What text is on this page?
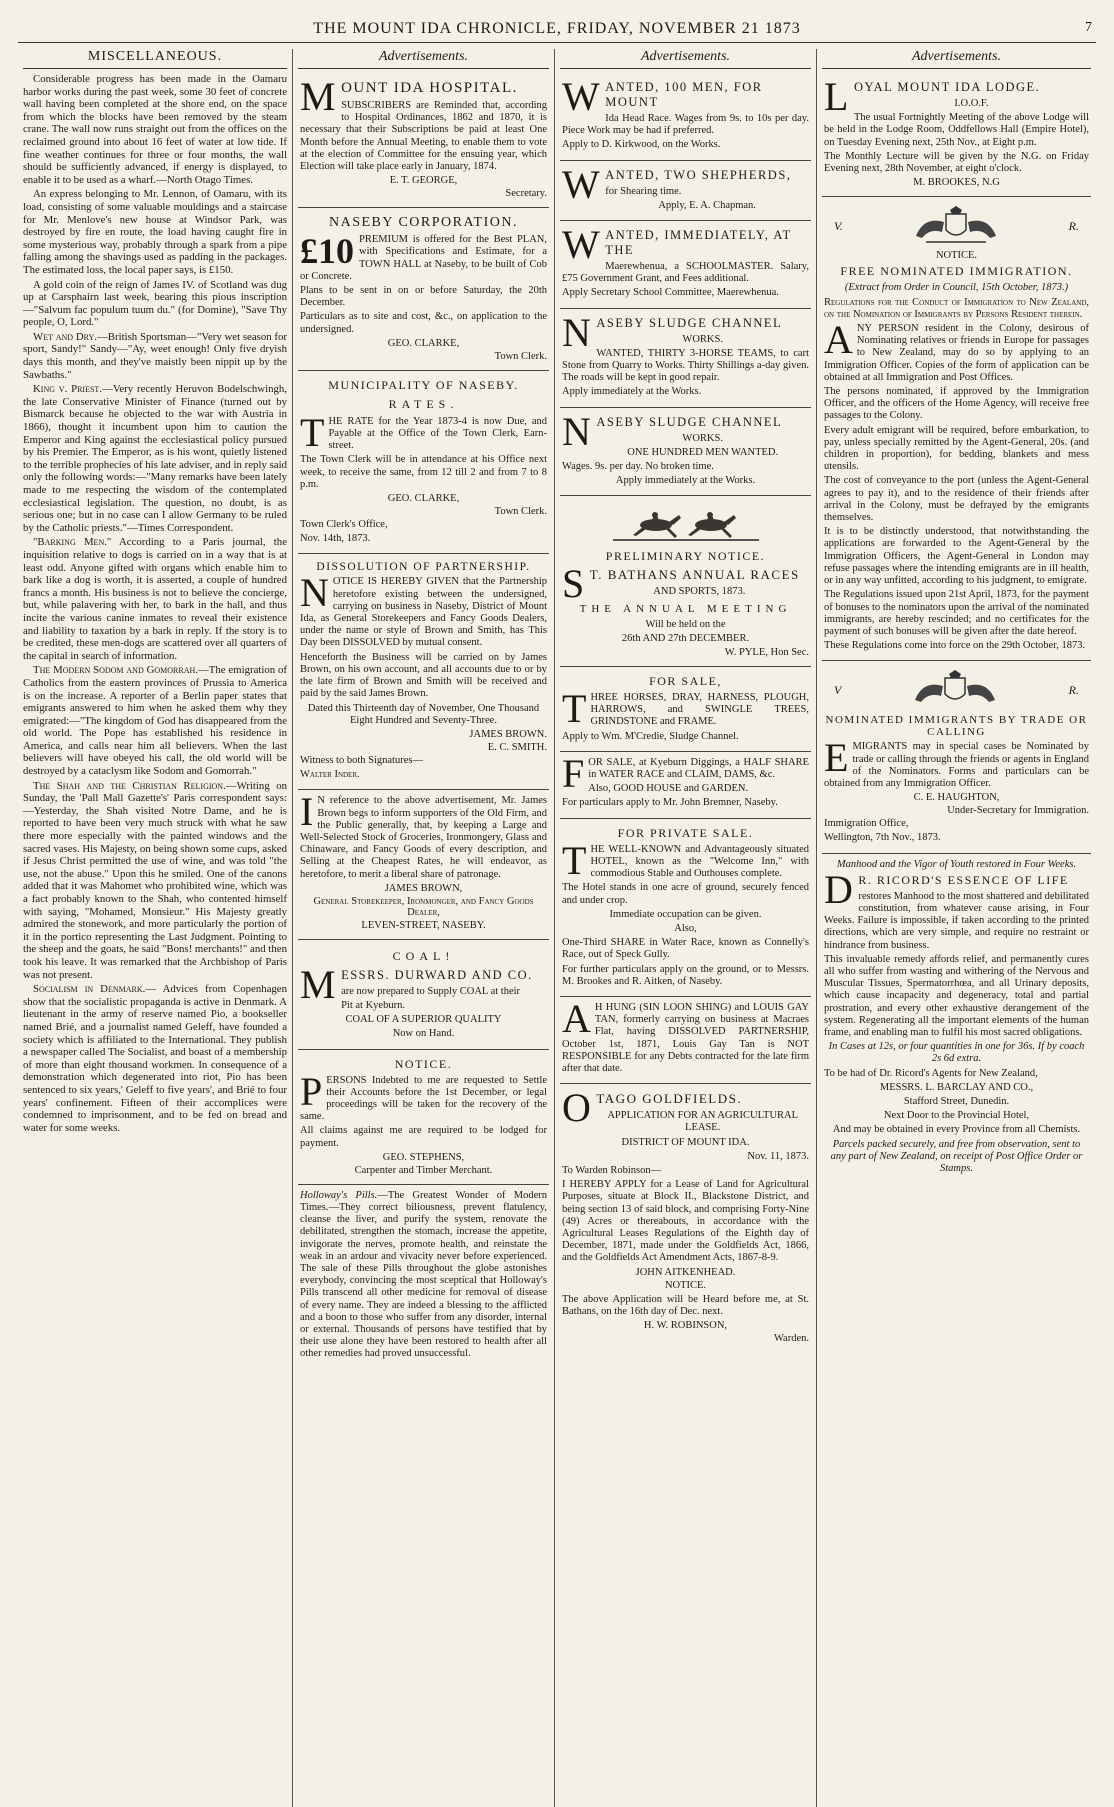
THE MOUNT IDA CHRONICLE, FRIDAY, NOVEMBER 21 1873	7
MISCELLANEOUS.

Considerable progress has been made in the Oamaru harbor works during the past week, some 30 feet of concrete wall having been completed at the shore end, on the space from which the blocks have been removed by the steam crane. The wall now runs straight out from the offices on the reclaimed ground into about 16 feet of water at low tide. If fine weather continues for three or four months, the wall should be sufficiently advanced, if energy is displayed, to enable it to be used as a wharf.—North Otago Times.

An express belonging to Mr. Lennon, of Oamaru, with its load, consisting of some valuable mouldings and a staircase for Mr. Menlove's new house at Windsor Park, was destroyed by fire en route, the load having caught fire in some mysterious way, probably through a spark from a pipe falling among the shavings used as padding in the packages. The estimated loss, the local paper says, is £150.

A gold coin of the reign of James IV. of Scotland was dug up at Carsphairn last week, bearing this pious inscription—"Salvum fac populum tuum du." (for Domine), "Save Thy people, O, Lord."

Wet and Dry.—British Sportsman—"Very wet season for sport, Sandy!" Sandy—"Ay, weet enough! Only five dryish days this month, and they've maistly been nippit up by the Sawbaths."

King v. Priest.—Very recently Heruvon Bodelschwingh, the late Conservative Minister of Finance (turned out by Bismarck because he objected to the war with Austria in 1866), thought it incumbent upon him to caution the Emperor and King against the ecclesiastical policy pursued by his Premier. The Emperor, as is his wont, quietly listened to the terrible prophecies of his late adviser, and in reply said only the following words:—"Many remarks have been lately made to me respecting the wisdom of the contemplated ecclesiastical legislation. The question, no doubt, is as serious one; but in no case can I allow Germany to be ruled by the Catholic priests."—Times Correspondent.

"Barking Men." According to a Paris journal, the inquisition relative to dogs is carried on in a way that is at least odd. Anyone gifted with organs which enable him to bark like a dog is worth, it is asserted, a couple of hundred francs a month. His business is not to believe the concierge, but, while palavering with her, to bark in the hall, and thus incite the various canine inmates to reveal their existence and liability to taxation by a bark in reply. If the story is to be credited, these men-dogs are scattered over all quarters of the capital in search of information.

The Modern Sodom and Gomorrah.—The emigration of Catholics from the eastern provinces of Prussia to America is on the increase. A reporter of a Berlin paper states that emigrants answered to him when he asked them why they emigrated:—"The kingdom of God has disappeared from the old world. The Pope has established his residence in America, and calls near him all believers. When the last believers will have obeyed his call, the old world will be destroyed by a cataclysm like Sodom and Gomorrah."

The Shah and the Christian Religion.—Writing on Sunday, the 'Pall Mall Gazette's' Paris correspondent says: —Yesterday, the Shah visited Notre Dame, and he is reported to have been very much struck with what he saw there more especially with the painted windows and the sacred vases. His Majesty, on being shown some cups, asked if Jesus Christ permitted the use of wine, and was told "the use, not the abuse." Upon this he smiled. One of the canons added that it was Mahomet who prohibited wine, which was a fact probably known to the Shah, who contented himself with saying, "Mohamed, Monsieur." His Majesty greatly admired the stonework, and more particularly the portion of it in the portico representing the Last Judgment. Pointing to the sheep and the goats, he said "Bons! merchants!" and then took his leave. It was remarked that the Archbishop of Paris was not present.

Socialism in Denmark.— Advices from Copenhagen show that the socialistic propaganda is active in Denmark. A lieutenant in the army of reserve named Pio, a bookseller named Brié, and a journalist named Geleff, have founded a society which is affiliated to the International. They publish a newspaper called The Socialist, and boast of a membership of more than eight thousand workmen. In consequence of a demonstration which degenerated into riot, Pio has been sentenced to six years,' Geleff to five years', and Brié to four years' confinement. Fifteen of their accomplices were condemned to imprisonment, and to be fed on bread and water for some weeks.

Advertisements.
MOUNT IDA HOSPITAL.

SUBSCRIBERS are Reminded that, according to Hospital Ordinances, 1862 and 1870, it is necessary that their Subscriptions be paid at least One Month before the Annual Meeting, to enable them to vote at the election of Committee for the ensuing year, which Election will take place early in January, 1874.

E. T. GEORGE,
Secretary.
NASEBY CORPORATION.

£10 PREMIUM is offered for the Best PLAN, with Specifications and Estimate, for a TOWN HALL at Naseby, to be built of Cob or Concrete.

Plans to be sent in on or before Saturday, the 20th December.

Particulars as to site and cost, &c., on application to the undersigned.

GEO. CLARKE,
Town Clerk.
MUNICIPALITY OF NASEBY.
RATES.

THE RATE for the Year 1873-4 is now Due, and Payable at the Office of the Town Clerk, Earn-street.

The Town Clerk will be in attendance at his Office next week, to receive the same, from 12 till 2 and from 7 to 8 p.m.

GEO. CLARKE,
Town Clerk.

Town Clerk's Office,

Nov. 14th, 1873.

DISSOLUTION OF PARTNERSHIP.

NOTICE IS HEREBY GIVEN that the Partnership heretofore existing between the undersigned, carrying on business in Naseby, District of Mount Ida, as General Storekeepers and Fancy Goods Dealers, under the name or style of Brown and Smith, has This Day been DISSOLVED by mutual consent.

Henceforth the Business will be carried on by James Brown, on his own account, and all accounts due to or by the late firm of Brown and Smith will be received and paid by the said James Brown.

Dated this Thirteenth day of November, One Thousand Eight Hundred and Seventy-Three.

JAMES BROWN.
E. C. SMITH.

Witness to both Signatures—

Walter Inder.

I N reference to the above advertisement, Mr. James Brown begs to inform supporters of the Old Firm, and the Public generally, that, by keeping a Large and Well-Selected Stock of Groceries, Ironmongery, Glass and Chinaware, and Fancy Goods of every description, and Selling at the Cheapest Rates, he will endeavor, as heretofore, to merit a liberal share of patronage.

JAMES BROWN,
General Storekeeper, Ironmonger, and Fancy Goods Dealer,
LEVEN-STREET, NASEBY.
COAL!
MESSRS. DURWARD AND CO.

are now prepared to Supply COAL at their

Pit at Kyeburn.

COAL OF A SUPERIOR QUALITY

Now on Hand.

NOTICE.

PERSONS Indebted to me are requested to Settle their Accounts before the 1st December, or legal proceedings will be taken for the recovery of the same.

All claims against me are required to be lodged for payment.

GEO. STEPHENS,
Carpenter and Timber Merchant.

Holloway's Pills.—The Greatest Wonder of Modern Times.—They correct biliousness, prevent flatulency, cleanse the liver, and purify the system, renovate the debilitated, strengthen the stomach, increase the appetite, invigorate the nerves, promote health, and reinstate the weak in an ardour and vivacity never before experienced. The sale of these Pills throughout the globe astonishes everybody, convincing the most sceptical that Holloway's Pills transcend all other medicine for removal of disease of every name. They are indeed a blessing to the afflicted and a boon to those who suffer from any disorder, internal or external. Thousands of persons have testified that by their use alone they have been restored to health after all other remedies had proved unsuccessful.

Advertisements.
WANTED, 100 MEN, FOR MOUNT

Ida Head Race. Wages from 9s. to 10s per day. Piece Work may be had if preferred.

Apply to D. Kirkwood, on the Works.

WANTED, TWO SHEPHERDS,

for Shearing time.

Apply, E. A. Chapman.

WANTED, IMMEDIATELY, AT THE

Maerewhenua, a SCHOOLMASTER. Salary, £75 Government Grant, and Fees additional.

Apply Secretary School Committee, Maerewhenua.

NASEBY SLUDGE CHANNEL

WORKS.

WANTED, THIRTY 3-HORSE TEAMS, to cart Stone from Quarry to Works. Thirty Shillings a-day given. The roads will be kept in good repair.

Apply immediately at the Works.

NASEBY SLUDGE CHANNEL

WORKS.

ONE HUNDRED MEN WANTED.

Wages. 9s. per day. No broken time.

Apply immediately at the Works.

PRELIMINARY NOTICE.
S T. BATHANS ANNUAL RACES

AND SPORTS, 1873.

THE ANNUAL MEETING

Will be held on the

26th AND 27th DECEMBER.

W. PYLE, Hon Sec.
FOR SALE,

THREE HORSES, DRAY, HARNESS, PLOUGH, HARROWS, and SWINGLE TREES, GRINDSTONE and FRAME.

Apply to Wm. M'Credie, Sludge Channel.

FOR SALE, at Kyeburn Diggings, a HALF SHARE in WATER RACE and CLAIM, DAMS, &c.

Also, GOOD HOUSE and GARDEN.

For particulars apply to Mr. John Bremner, Naseby.

FOR PRIVATE SALE.

THE WELL-KNOWN and Advantageously situated HOTEL, known as the "Welcome Inn," with commodious Stable and Outhouses complete.

The Hotel stands in one acre of ground, securely fenced and under crop.

Immediate occupation can be given.

Also,

One-Third SHARE in Water Race, known as Connelly's Race, out of Speck Gully.

For further particulars apply on the ground, or to Messrs. M. Brookes and R. Aitken, of Naseby.

A H HUNG (SIN LOON SHING) and LOUIS GAY TAN, formerly carrying on business at Macraes Flat, having DISSOLVED PARTNERSHIP, October 1st, 1871, Louis Gay Tan is NOT RESPONSIBLE for any Debts contracted for the late firm after that date.

OTAGO GOLDFIELDS.

APPLICATION FOR AN AGRICULTURAL LEASE.

DISTRICT OF MOUNT IDA.

Nov. 11, 1873.

To Warden Robinson—

I HEREBY APPLY for a Lease of Land for Agricultural Purposes, situate at Block II., Blackstone District, and being section 13 of said block, and comprising Forty-Nine (49) Acres or thereabouts, in accordance with the Agricultural Leases Regulations of the Eighth day of December, 1871, made under the Goldfields Act, 1866, and the Goldfields Act Amendment Acts, 1867-8-9.

JOHN AITKENHEAD.

NOTICE.

The above Application will be Heard before me, at St. Bathans, on the 16th day of Dec. next.

H. W. ROBINSON,
Warden.
Advertisements.
LOYAL MOUNT IDA LODGE.

I.O.O.F.

The usual Fortnightly Meeting of the above Lodge will be held in the Lodge Room, Oddfellows Hall (Empire Hotel), on Tuesday Evening next, 25th Nov., at Eight p.m.

The Monthly Lecture will be given by the N.G. on Friday Evening next, 28th November, at eight o'clock.

M. BROOKES, N.G
V.	R.

NOTICE.

FREE NOMINATED IMMIGRATION.

(Extract from Order in Council, 15th October, 1873.)

Regulations for the Conduct of Immigration to New Zealand, on the Nomination of Immigrants by Persons Resident therein.

ANY PERSON resident in the Colony, desirous of Nominating relatives or friends in Europe for passages to New Zealand, may do so by applying to an Immigration Officer. Copies of the form of application can be obtained at all Immigration and Post Offices.

The persons nominated, if approved by the Immigration Officer, and the officers of the Home Agency, will receive free passages to the Colony.

Every adult emigrant will be required, before embarkation, to pay, unless specially remitted by the Agent-General, 20s. (and children in proportion), for bedding, blankets and mess utensils.

The cost of conveyance to the port (unless the Agent-General agrees to pay it), and to the residence of their friends after arrival in the Colony, must be defrayed by the emigrants themselves.

It is to be distinctly understood, that notwithstanding the applications are forwarded to the Agent-General by the Immigration Officers, the Agent-General in London may refuse passages where the intending emigrants are in ill health, or in any way unfitted, according to his judgment, to emigrate.

The Regulations issued upon 21st April, 1873, for the payment of bonuses to the nominators upon the arrival of the nominated immigrants, are hereby rescinded; and no certificates for the payment of such bonuses will be given after the date hereof.

These Regulations come into force on the 29th October, 1873.

V	R.
NOMINATED IMMIGRANTS BY TRADE OR CALLING

EMIGRANTS may in special cases be Nominated by trade or calling through the friends or agents in England of the Nominators. Forms and particulars can be obtained from any Immigration Officer.

C. E. HAUGHTON,
Under-Secretary for Immigration.

Immigration Office,

Wellington, 7th Nov., 1873.

Manhood and the Vigor of Youth restored in Four Weeks.

D R. RICORD'S ESSENCE OF LIFE

restores Manhood to the most shattered and debilitated constitution, from whatever cause arising, in Four Weeks. Failure is impossible, if taken according to the printed directions, which are very simple, and require no restraint or hindrance from business.

This invaluable remedy affords relief, and permanently cures all who suffer from wasting and withering of the Nervous and Muscular Tissues, Spermatorrhœa, and all Urinary deposits, which cause incapacity and degeneracy, total and partial prostration, and every other exhaustive derangement of the system. Regenerating all the important elements of the human frame, and enabling man to fulfil his most sacred obligations.

In Cases at 12s, or four quantities in one for 36s. If by coach 2s 6d extra.

To be had of Dr. Ricord's Agents for New Zealand,

MESSRS. L. BARCLAY AND CO.,

Stafford Street, Dunedin.

Next Door to the Provincial Hotel,

And may be obtained in every Province from all Chemists.

Parcels packed securely, and free from observation, sent to any part of New Zealand, on receipt of Post Office Order or Stamps.
